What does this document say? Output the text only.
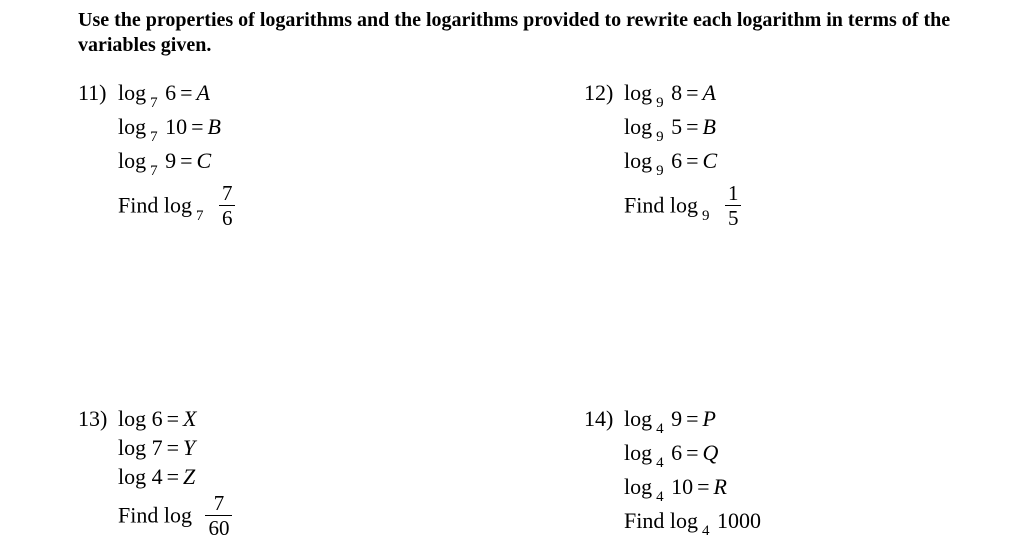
Use the properties of logarithms and the logarithms provided to rewrite each logarithm in terms of the variables given.
11) log $_7$ 6 = A
log $_7$ 10 = B
log $_7$ 9 = C
Find $\log _7 \frac{7}{6}$
12) log $_9$ 8 = A
log $_9$ 5 = B
log $_9$ 6 = C
Find $\log _9 \frac{1}{5}$
13) log 6 = X
log 7 = Y
log 4 = Z
Find $\log \frac{7}{60}$
14) log $_4$ 9 = P
log $_4$ 6 = Q
log $_4$ 10 = R
Find log $_4$ 1000
